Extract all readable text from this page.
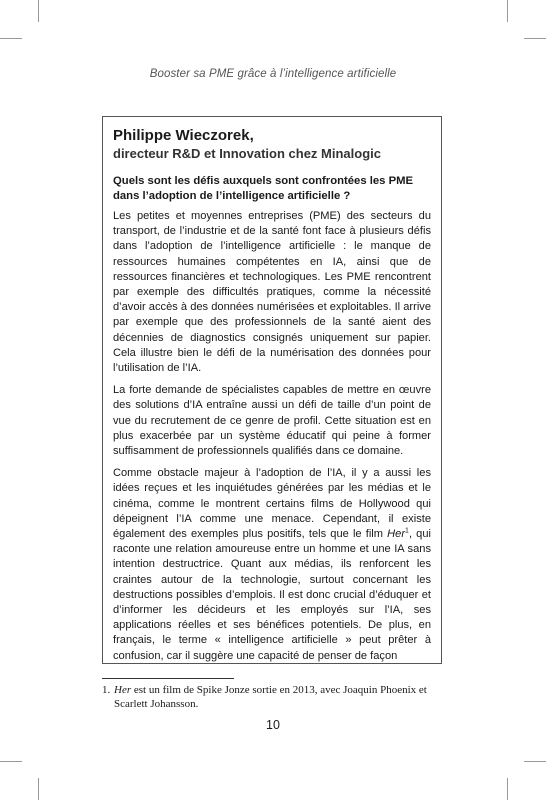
Booster sa PME grâce à l’intelligence artificielle
Philippe Wieczorek,
directeur R&D et Innovation chez Minalogic
Quels sont les défis auxquels sont confrontées les PME dans l’adoption de l’intelligence artificielle ?

Les petites et moyennes entreprises (PME) des secteurs du transport, de l’industrie et de la santé font face à plusieurs défis dans l’adoption de l’intelligence artificielle : le manque de ressources humaines compétentes en IA, ainsi que de ressources financières et technologiques. Les PME rencontrent par exemple des difficultés pratiques, comme la nécessité d’avoir accès à des données numérisées et exploitables. Il arrive par exemple que des professionnels de la santé aient des décennies de diagnostics consignés uniquement sur papier. Cela illustre bien le défi de la numérisation des données pour l’utilisation de l’IA.

La forte demande de spécialistes capables de mettre en œuvre des solutions d’IA entraîne aussi un défi de taille d’un point de vue du recrutement de ce genre de profil. Cette situation est en plus exacerbée par un système éducatif qui peine à former suffisamment de professionnels qualifiés dans ce domaine.

Comme obstacle majeur à l’adoption de l’IA, il y a aussi les idées reçues et les inquiétudes générées par les médias et le cinéma, comme le montrent certains films de Hollywood qui dépeignent l’IA comme une menace. Cependant, il existe également des exemples plus positifs, tels que le film Her$^1$, qui raconte une relation amoureuse entre un homme et une IA sans intention destructrice. Quant aux médias, ils renforcent les craintes autour de la technologie, surtout concernant les destructions possibles d’emplois. Il est donc crucial d’éduquer et d’informer les décideurs et les employés sur l’IA, ses applications réelles et ses bénéfices potentiels. De plus, en français, le terme « intelligence artificielle » peut prêter à confusion, car il suggère une capacité de penser de façon

1. Her est un film de Spike Jonze sortie en 2013, avec Joaquin Phoenix et
Scarlett Johansson.
10
